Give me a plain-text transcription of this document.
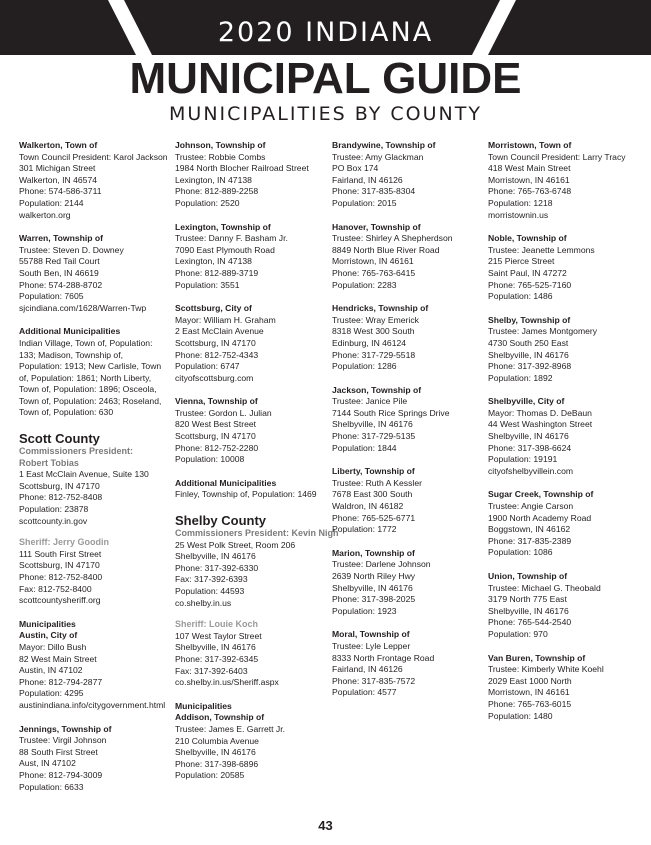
2020 INDIANA
MUNICIPAL GUIDE
MUNICIPALITIES BY COUNTY
Walkerton, Town of
Town Council President: Karol Jackson
301 Michigan Street
Walkerton, IN 46574
Phone: 574-586-3711
Population: 2144
walkerton.org
Warren, Township of
Trustee: Steven D. Downey
55788 Red Tail Court
South Ben, IN 46619
Phone: 574-288-8702
Population: 7605
sjcindiana.com/1628/Warren-Twp
Additional Municipalities
Indian Village, Town of, Population: 133; Madison, Township of, Population: 1913; New Carlisle, Town of, Population: 1861; North Liberty, Town of, Population: 1896; Osceola, Town of, Population: 2463; Roseland, Town of, Population: 630
Scott County
Commissioners President:
Robert Tobias
1 East McClain Avenue, Suite 130
Scottsburg, IN 47170
Phone: 812-752-8408
Population: 23878
scottcounty.in.gov
Sheriff: Jerry Goodin
111 South First Street
Scottsburg, IN 47170
Phone: 812-752-8400
Fax: 812-752-8400
scottcountysheriff.org
Municipalities
Austin, City of
Mayor: Dillo Bush
82 West Main Street
Austin, IN 47102
Phone: 812-794-2877
Population: 4295
austinindiana.info/citygovernment.html
Jennings, Township of
Trustee: Virgil Johnson
88 South First Street
Aust, IN 47102
Phone: 812-794-3009
Population: 6633
Johnson, Township of
Trustee: Robbie Combs
1984 North Blocher Railroad Street
Lexington, IN 47138
Phone: 812-889-2258
Population: 2520
Lexington, Township of
Trustee: Danny F. Basham Jr.
7090 East Plymouth Road
Lexington, IN 47138
Phone: 812-889-3719
Population: 3551
Scottsburg, City of
Mayor: William H. Graham
2 East McClain Avenue
Scottsburg, IN 47170
Phone: 812-752-4343
Population: 6747
cityofscottsburg.com
Vienna, Township of
Trustee: Gordon L. Julian
820 West Best Street
Scottsburg, IN 47170
Phone: 812-752-2280
Population: 10008
Additional Municipalities
Finley, Township of, Population: 1469
Shelby County
Commissioners President: Kevin Nigh
25 West Polk Street, Room 206
Shelbyville, IN 46176
Phone: 317-392-6330
Fax: 317-392-6393
Population: 44593
co.shelby.in.us
Sheriff: Louie Koch
107 West Taylor Street
Shelbyville, IN 46176
Phone: 317-392-6345
Fax: 317-392-6403
co.shelby.in.us/Sheriff.aspx
Municipalities
Addison, Township of
Trustee: James E. Garrett Jr.
210 Columbia Avenue
Shelbyville, IN 46176
Phone: 317-398-6896
Population: 20585
Brandywine, Township of
Trustee: Amy Glackman
PO Box 174
Fairland, IN 46126
Phone: 317-835-8304
Population: 2015
Hanover, Township of
Trustee: Shirley A Shepherdson
8849 North Blue River Road
Morristown, IN 46161
Phone: 765-763-6415
Population: 2283
Hendricks, Township of
Trustee: Wray Emerick
8318 West 300 South
Edinburg, IN 46124
Phone: 317-729-5518
Population: 1286
Jackson, Township of
Trustee: Janice Pile
7144 South Rice Springs Drive
Shelbyville, IN 46176
Phone: 317-729-5135
Population: 1844
Liberty, Township of
Trustee: Ruth A Kessler
7678 East 300 South
Waldron, IN 46182
Phone: 765-525-6771
Population: 1772
Marion, Township of
Trustee: Darlene Johnson
2639 North Riley Hwy
Shelbyville, IN 46176
Phone: 317-398-2025
Population: 1923
Moral, Township of
Trustee: Lyle Lepper
8333 North Frontage Road
Fairland, IN 46126
Phone: 317-835-7572
Population: 4577
Morristown, Town of
Town Council President: Larry Tracy
418 West Main Street
Morristown, IN 46161
Phone: 765-763-6748
Population: 1218
morristownin.us
Noble, Township of
Trustee: Jeanette Lemmons
215 Pierce Street
Saint Paul, IN 47272
Phone: 765-525-7160
Population: 1486
Shelby, Township of
Trustee: James Montgomery
4730 South 250 East
Shelbyville, IN 46176
Phone: 317-392-8968
Population: 1892
Shelbyville, City of
Mayor: Thomas D. DeBaun
44 West Washington Street
Shelbyville, IN 46176
Phone: 317-398-6624
Population: 19191
cityofshelbyvillein.com
Sugar Creek, Township of
Trustee: Angie Carson
1900 North Academy Road
Boggstown, IN 46162
Phone: 317-835-2389
Population: 1086
Union, Township of
Trustee: Michael G. Theobald
3179 North 775 East
Shelbyville, IN 46176
Phone: 765-544-2540
Population: 970
Van Buren, Township of
Trustee: Kimberly White Koehl
2029 East 1000 North
Morristown, IN 46161
Phone: 765-763-6015
Population: 1480
43
